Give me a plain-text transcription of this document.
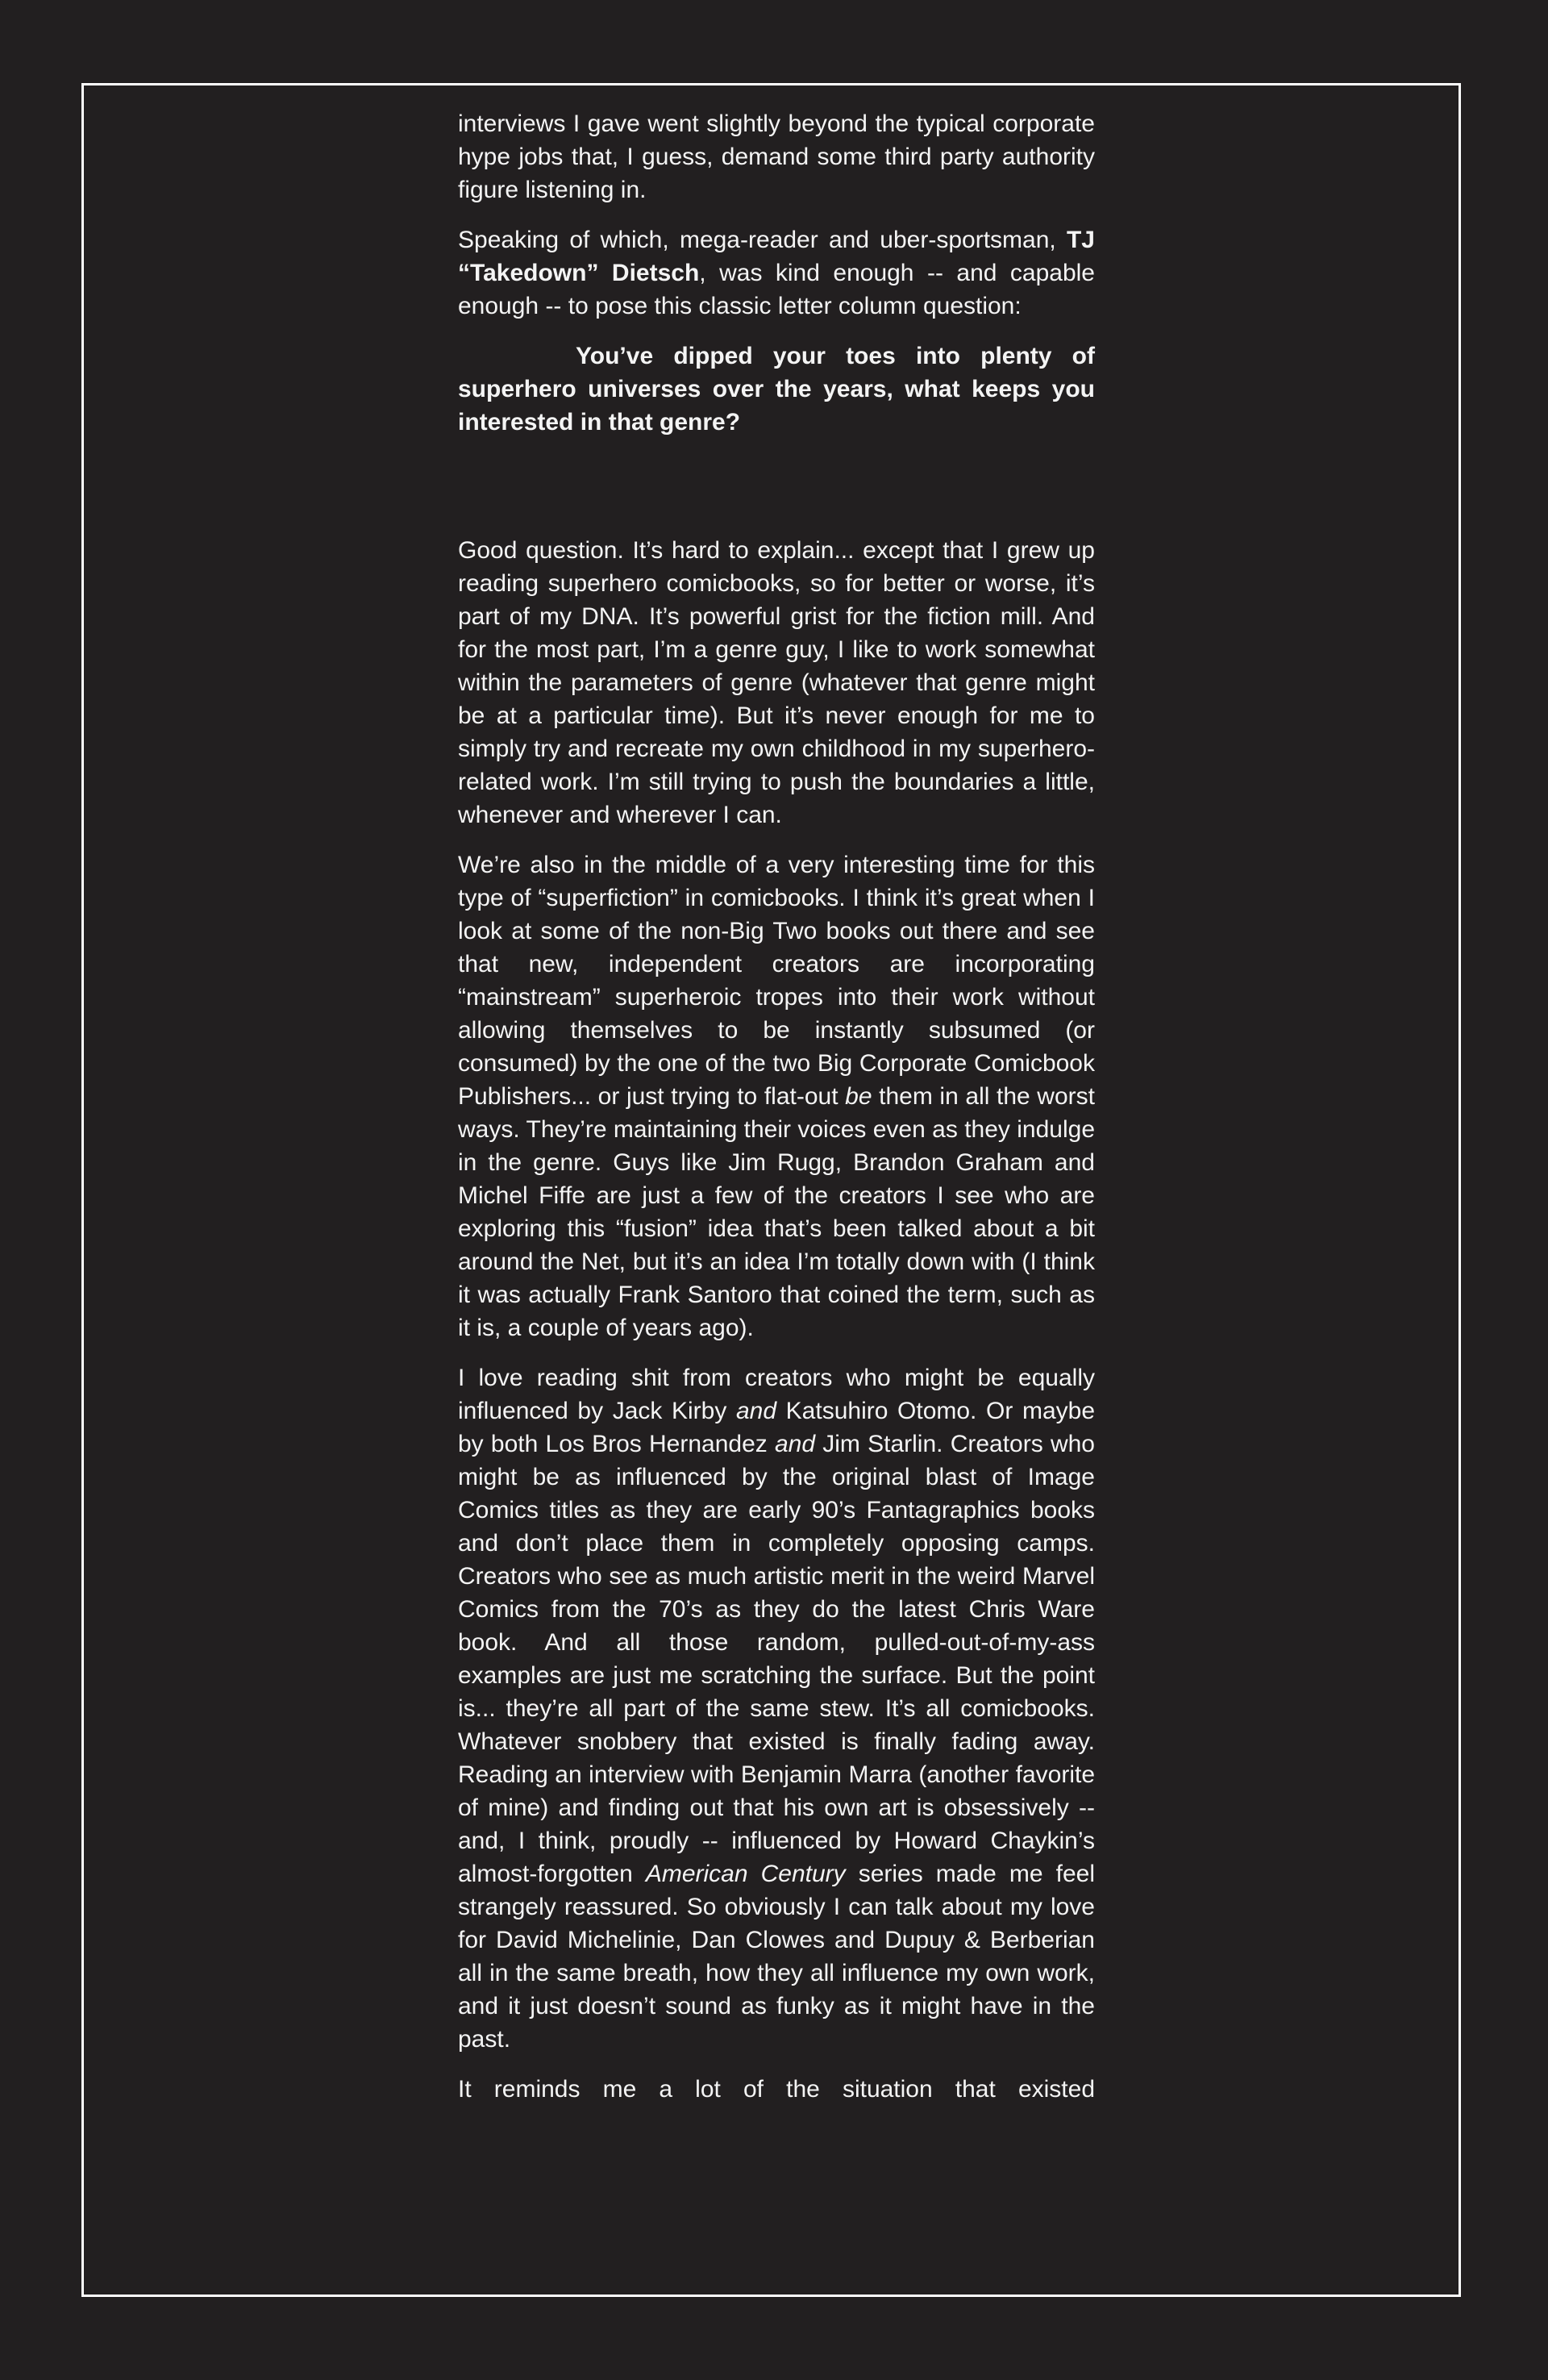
interviews I gave went slightly beyond the typical corporate hype jobs that, I guess, demand some third party authority figure listening in.

Speaking of which, mega-reader and uber-sportsman, TJ “Takedown” Dietsch, was kind enough -- and capable enough -- to pose this classic letter column question:

You’ve dipped your toes into plenty of superhero universes over the years, what keeps you interested in that genre?

Good question. It’s hard to explain... except that I grew up reading superhero comicbooks, so for better or worse, it’s part of my DNA. It’s powerful grist for the fiction mill. And for the most part, I’m a genre guy, I like to work somewhat within the parameters of genre (whatever that genre might be at a particular time). But it’s never enough for me to simply try and recreate my own childhood in my superhero-related work. I’m still trying to push the boundaries a little, whenever and wherever I can.

We’re also in the middle of a very interesting time for this type of “superfiction” in comicbooks. I think it’s great when I look at some of the non-Big Two books out there and see that new, independent creators are incorporating “mainstream” superheroic tropes into their work without allowing themselves to be instantly subsumed (or consumed) by the one of the two Big Corporate Comicbook Publishers... or just trying to flat-out be them in all the worst ways. They’re maintaining their voices even as they indulge in the genre. Guys like Jim Rugg, Brandon Graham and Michel Fiffe are just a few of the creators I see who are exploring this “fusion” idea that’s been talked about a bit around the Net, but it’s an idea I’m totally down with (I think it was actually Frank Santoro that coined the term, such as it is, a couple of years ago).

I love reading shit from creators who might be equally influenced by Jack Kirby and Katsuhiro Otomo. Or maybe by both Los Bros Hernandez and Jim Starlin. Creators who might be as influenced by the original blast of Image Comics titles as they are early 90’s Fantagraphics books and don’t place them in completely opposing camps. Creators who see as much artistic merit in the weird Marvel Comics from the 70’s as they do the latest Chris Ware book. And all those random, pulled-out-of-my-ass examples are just me scratching the surface. But the point is... they’re all part of the same stew. It’s all comicbooks. Whatever snobbery that existed is finally fading away. Reading an interview with Benjamin Marra (another favorite of mine) and finding out that his own art is obsessively -- and, I think, proudly -- influenced by Howard Chaykin’s almost-forgotten American Century series made me feel strangely reassured. So obviously I can talk about my love for David Michelinie, Dan Clowes and Dupuy & Berberian all in the same breath, how they all influence my own work, and it just doesn’t sound as funky as it might have in the past.

It reminds me a lot of the situation that existed
